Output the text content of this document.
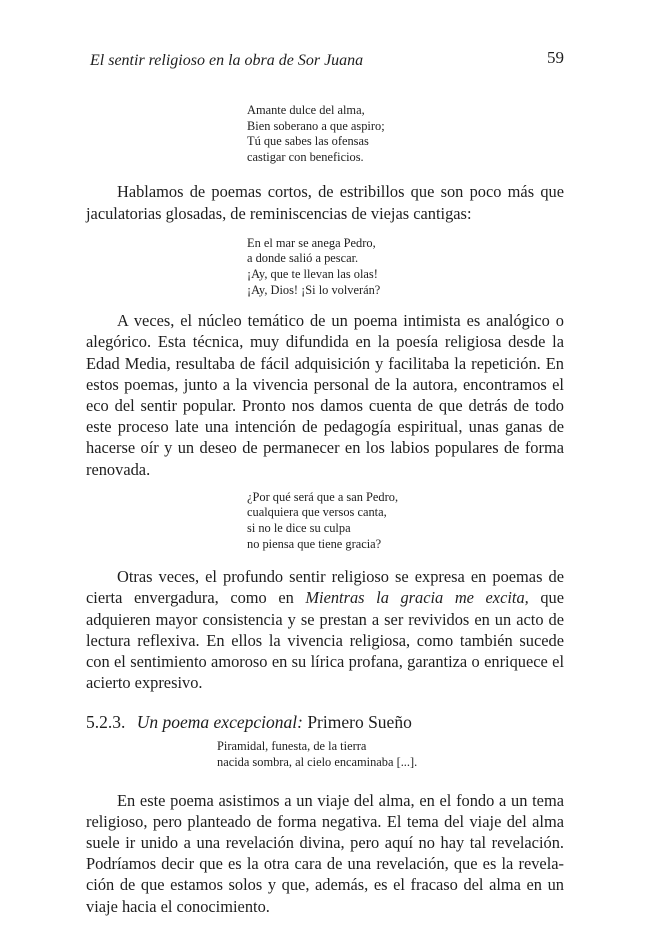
El sentir religioso en la obra de Sor Juana	59
Amante dulce del alma,
Bien soberano a que aspiro;
Tú que sabes las ofensas
castigar con beneficios.

Hablamos de poemas cortos, de estribillos que son poco más que jaculatorias glosadas, de reminiscencias de viejas cantigas:

En el mar se anega Pedro,
a donde salió a pescar.
¡Ay, que te llevan las olas!
¡Ay, Dios! ¡Si lo volverán?

A veces, el núcleo temático de un poema intimista es analógico o alegórico. Esta técnica, muy difundida en la poesía religiosa desde la Edad Media, resultaba de fácil adquisición y facilitaba la repetición. En estos poemas, junto a la vivencia personal de la autora, encontramos el eco del sentir popular. Pronto nos damos cuenta de que detrás de todo este proceso late una intención de pedagogía espiritual, unas ganas de hacerse oír y un deseo de permanecer en los labios populares de forma renovada.

¿Por qué será que a san Pedro,
cualquiera que versos canta,
si no le dice su culpa
no piensa que tiene gracia?

Otras veces, el profundo sentir religioso se expresa en poemas de cierta envergadura, como en Mientras la gracia me excita, que adquieren mayor consistencia y se prestan a ser revividos en un acto de lectura reflexiva. En ellos la vivencia religiosa, como también sucede con el sentimiento amoroso en su lírica profana, garantiza o enriquece el acierto expresivo.

5.2.3. Un poema excepcional: Primero Sueño
Piramidal, funesta, de la tierra
nacida sombra, al cielo encaminaba [...].

En este poema asistimos a un viaje del alma, en el fondo a un tema religioso, pero planteado de forma negativa. El tema del viaje del alma suele ir unido a una revelación divina, pero aquí no hay tal revelación. Podríamos decir que es la otra cara de una revelación, que es la revelación de que estamos solos y que, además, es el fracaso del alma en un viaje hacia el conocimiento.
